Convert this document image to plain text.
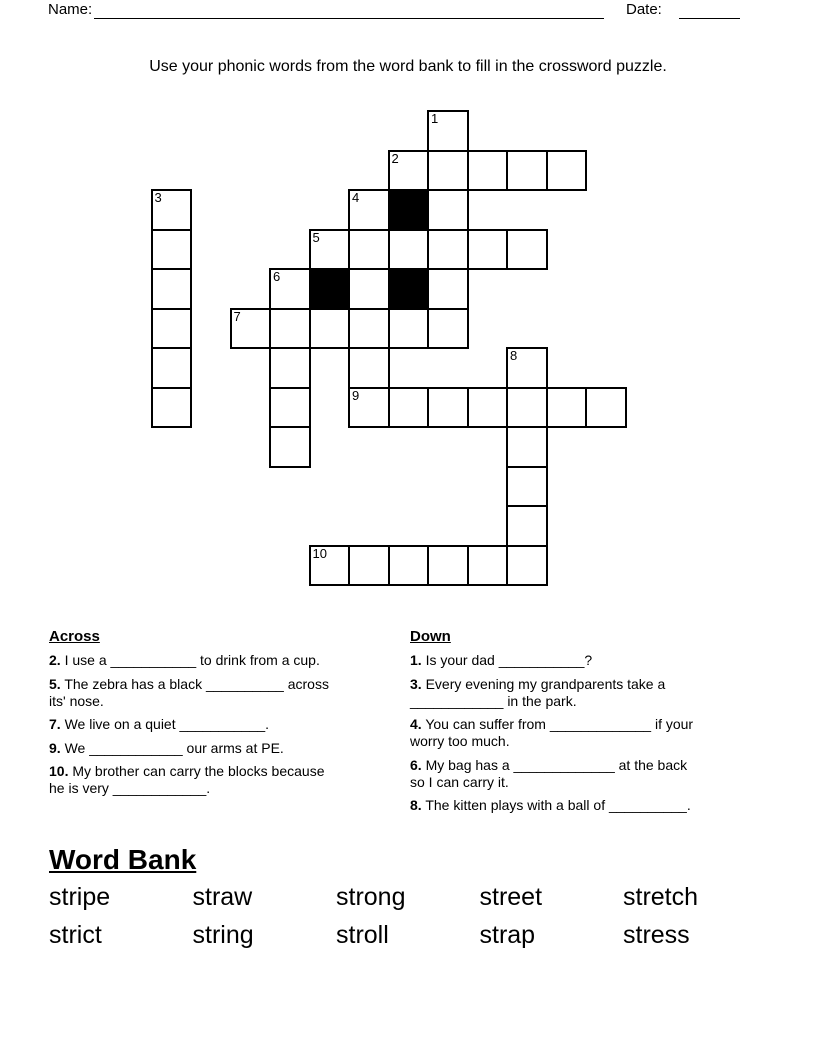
Name:	Date:
Use your phonic words from the word bank to fill in the crossword puzzle.
1
2
3	4
5
6
7
8
9
10
Across

2. I use a ___________ to drink from a cup.

5. The zebra has a black __________ across
its' nose.

7. We live on a quiet ___________.

9. We ____________ our arms at PE.

10. My brother can carry the blocks because
he is very ____________.

Down

1. Is your dad ___________?

3. Every evening my grandparents take a
____________ in the park.

4. You can suffer from _____________ if your
worry too much.

6. My bag has a _____________ at the back
so I can carry it.

8. The kitten plays with a ball of __________.

Word Bank
stripe	straw	strong	street	stretch
strict	string	stroll	strap	stress
